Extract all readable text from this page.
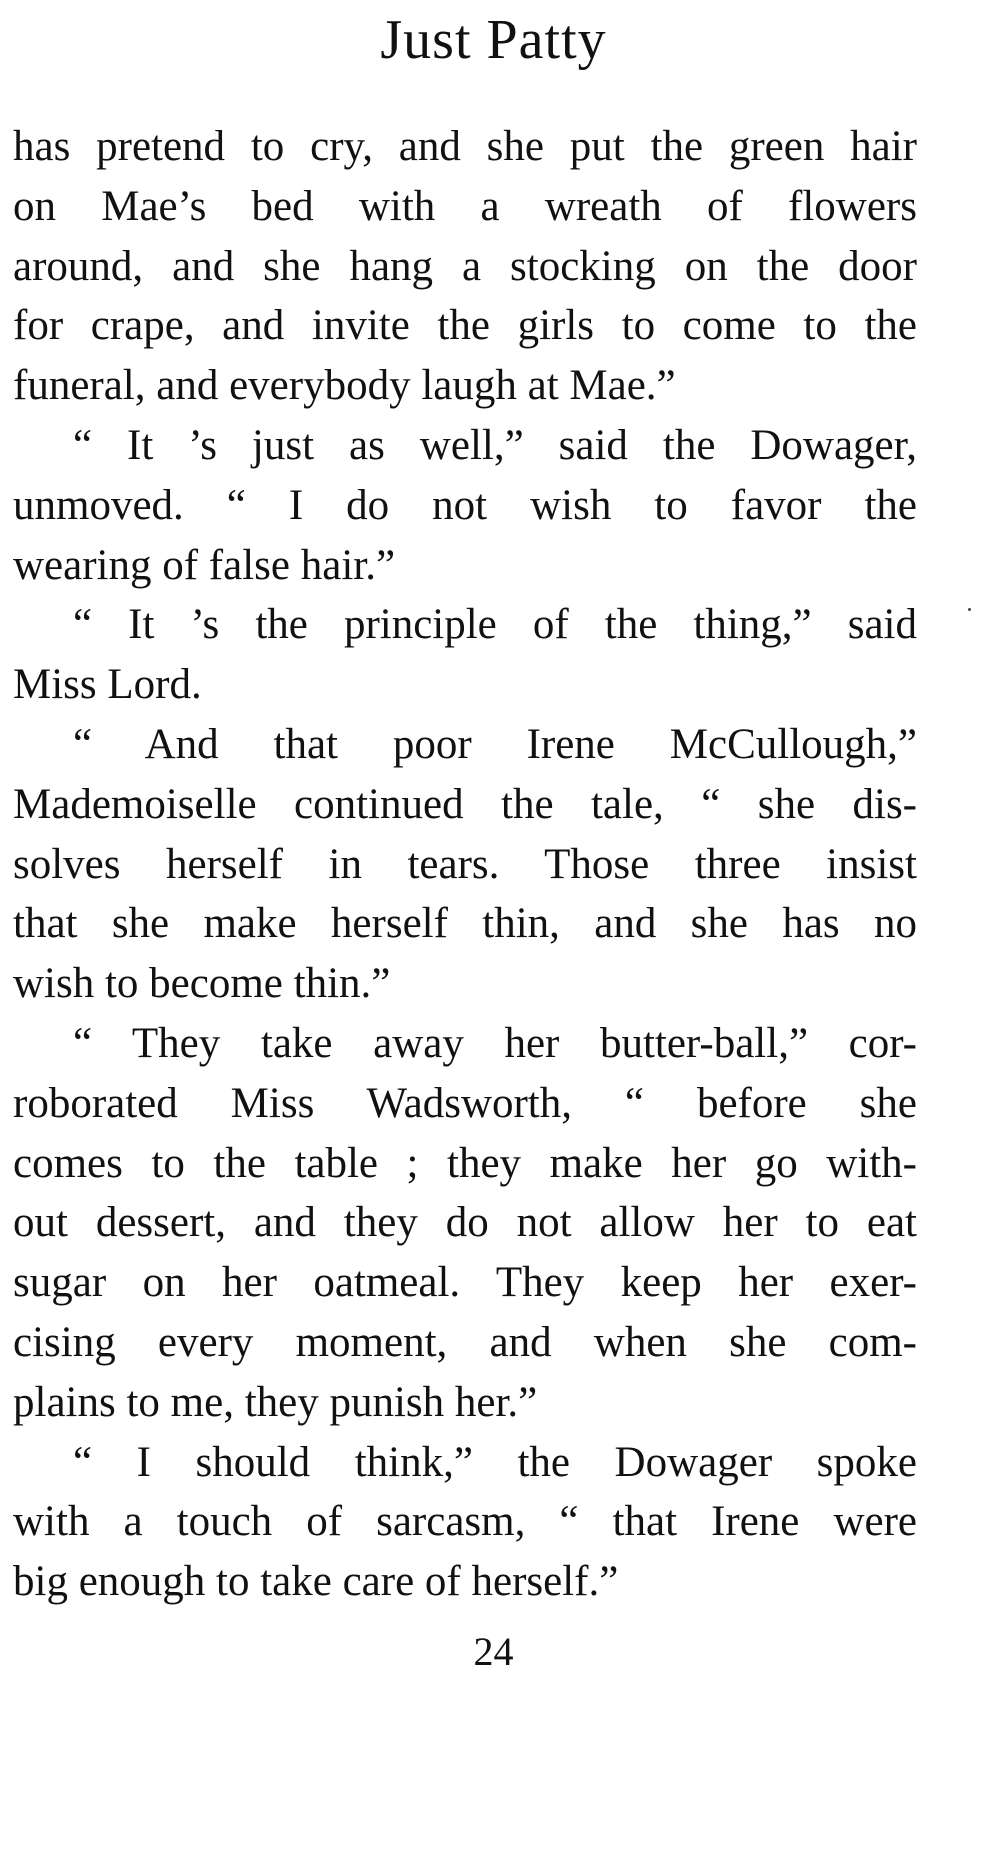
Just Patty
has pretend to cry, and she put the green hair
on Mae’s bed with a wreath of flowers
around, and she hang a stocking on the door
for crape, and invite the girls to come to the
funeral, and everybody laugh at Mae.”
“ It ’s just as well,” said the Dowager,
unmoved. “ I do not wish to favor the
wearing of false hair.”
“ It ’s the principle of the thing,” said
Miss Lord.
“ And that poor Irene McCullough,”
Mademoiselle continued the tale, “ she dis-
solves herself in tears. Those three insist
that she make herself thin, and she has no
wish to become thin.”
“ They take away her butter-ball,” cor-
roborated Miss Wadsworth, “ before she
comes to the table ; they make her go with-
out dessert, and they do not allow her to eat
sugar on her oatmeal. They keep her exer-
cising every moment, and when she com-
plains to me, they punish her.”
“ I should think,” the Dowager spoke
with a touch of sarcasm, “ that Irene were
big enough to take care of herself.”
24
